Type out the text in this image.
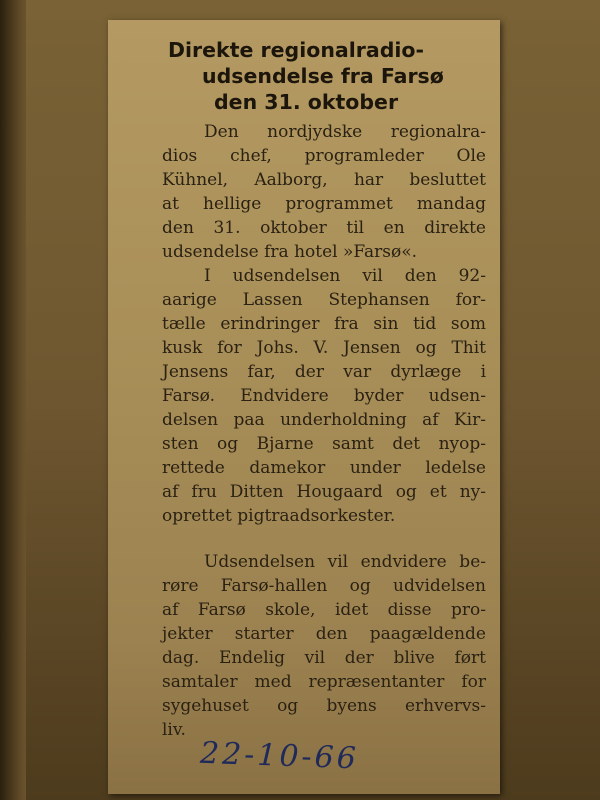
Direkte regionalradio-
udsendelse fra Farsø
den 31. oktober

Den nordjydske regionalra-

dios chef, programleder Ole

Kühnel, Aalborg, har besluttet

at hellige programmet mandag

den 31. oktober til en direkte

udsendelse fra hotel »Farsø«.

I udsendelsen vil den 92-

aarige Lassen Stephansen for-

tælle erindringer fra sin tid som

kusk for Johs. V. Jensen og Thit

Jensens far, der var dyrlæge i

Farsø. Endvidere byder udsen-

delsen paa underholdning af Kir-

sten og Bjarne samt det nyop-

rettede damekor under ledelse

af fru Ditten Hougaard og et ny-

oprettet pigtraadsorkester.

Udsendelsen vil endvidere be-

røre Farsø-hallen og udvidelsen

af Farsø skole, idet disse pro-

jekter starter den paagældende

dag. Endelig vil der blive ført

samtaler med repræsentanter for

sygehuset og byens erhvervs-

liv.

22-10-66
